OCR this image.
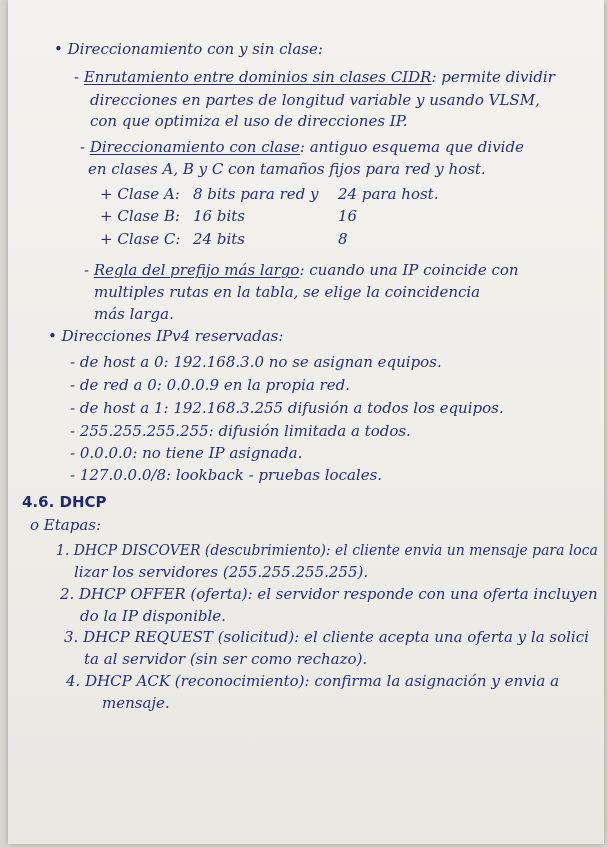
• Direccionamiento con y sin clase:
- Enrutamiento entre dominios sin clases CIDR: permite dividir
direcciones en partes de longitud variable y usando VLSM,
con que optimiza el uso de direcciones IP.
- Direccionamiento con clase: antiguo esquema que divide
en clases A, B y C con tamaños fijos para red y host.
+ Clase A: 8 bits para red y 24 para host.
+ Clase B: 16 bits	16
+ Clase C: 24 bits	8
- Regla del prefijo más largo: cuando una IP coincide con
multiples rutas en la tabla, se elige la coincidencia
más larga.
• Direcciones IPv4 reservadas:
- de host a 0: 192.168.3.0 no se asignan equipos.
- de red a 0: 0.0.0.9 en la propia red.
- de host a 1: 192.168.3.255 difusión a todos los equipos.
- 255.255.255.255: difusión limitada a todos.
- 0.0.0.0: no tiene IP asignada.
- 127.0.0.0/8: lookback - pruebas locales.
4.6. DHCP
o Etapas:
1. DHCP DISCOVER (descubrimiento): el cliente envia un mensaje para loca
lizar los servidores (255.255.255.255).
2. DHCP OFFER (oferta): el servidor responde con una oferta incluyen
do la IP disponible.
3. DHCP REQUEST (solicitud): el cliente acepta una oferta y la solici
ta al servidor (sin ser como rechazo).
4. DHCP ACK (reconocimiento): confirma la asignación y envia a
mensaje.
